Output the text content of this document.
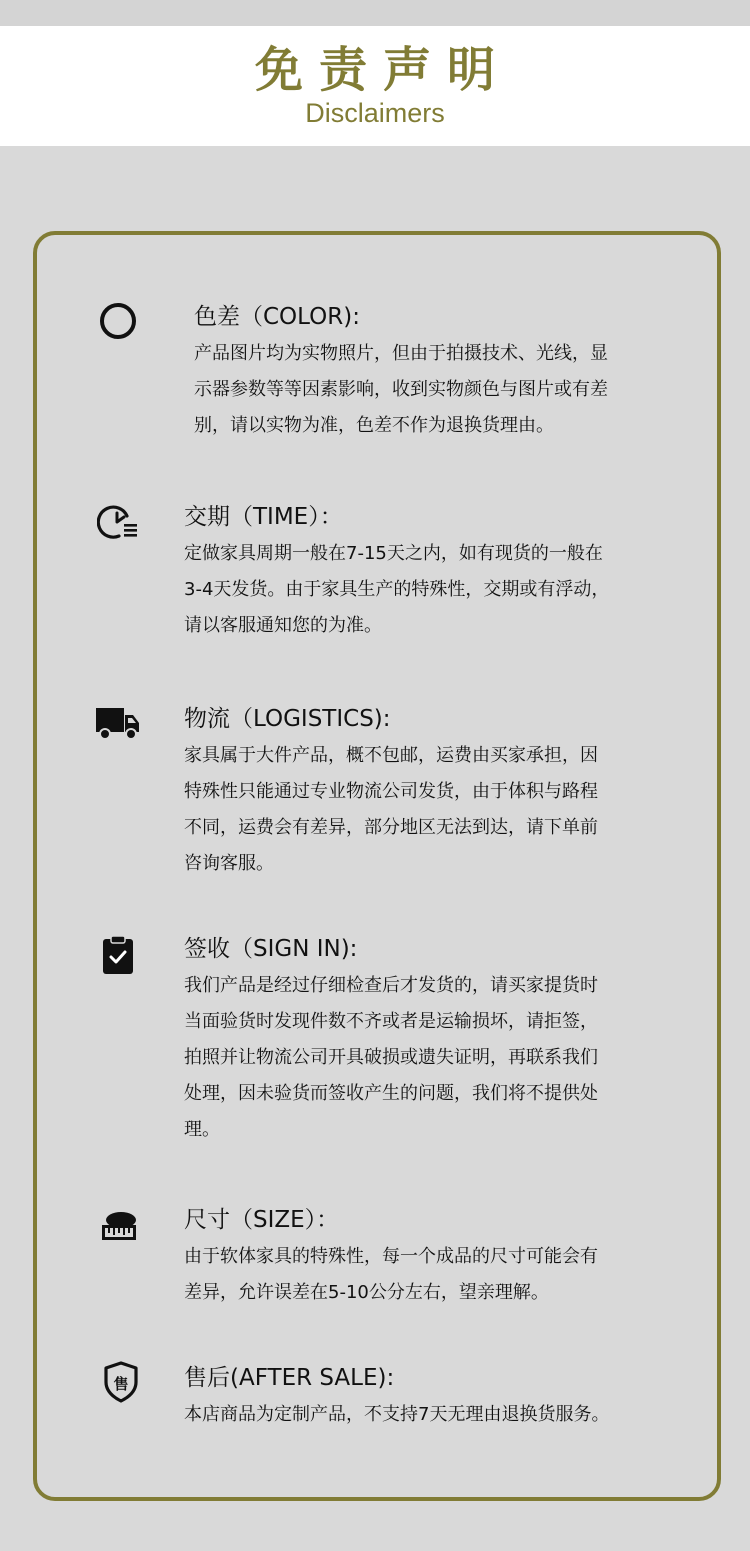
免责声明
Disclaimers
色差（COLOR):

产品图片均为实物照片，但由于拍摄技术、光线，显

示器参数等等因素影响，收到实物颜色与图片或有差

别，请以实物为准，色差不作为退换货理由。

交期（TIME）：

定做家具周期一般在7-15天之内，如有现货的一般在

3-4天发货。由于家具生产的特殊性，交期或有浮动，

请以客服通知您的为准。

物流（LOGISTICS):

家具属于大件产品，概不包邮，运费由买家承担，因

特殊性只能通过专业物流公司发货，由于体积与路程

不同，运费会有差异，部分地区无法到达，请下单前

咨询客服。

签收（SIGN IN):

我们产品是经过仔细检查后才发货的，请买家提货时

当面验货时发现件数不齐或者是运输损坏，请拒签，

拍照并让物流公司开具破损或遗失证明，再联系我们

处理，因未验货而签收产生的问题，我们将不提供处

理。

尺寸（SIZE）：

由于软体家具的特殊性，每一个成品的尺寸可能会有

差异，允许误差在5-10公分左右，望亲理解。

售 售后(AFTER SALE):

本店商品为定制产品，不支持7天无理由退换货服务。
